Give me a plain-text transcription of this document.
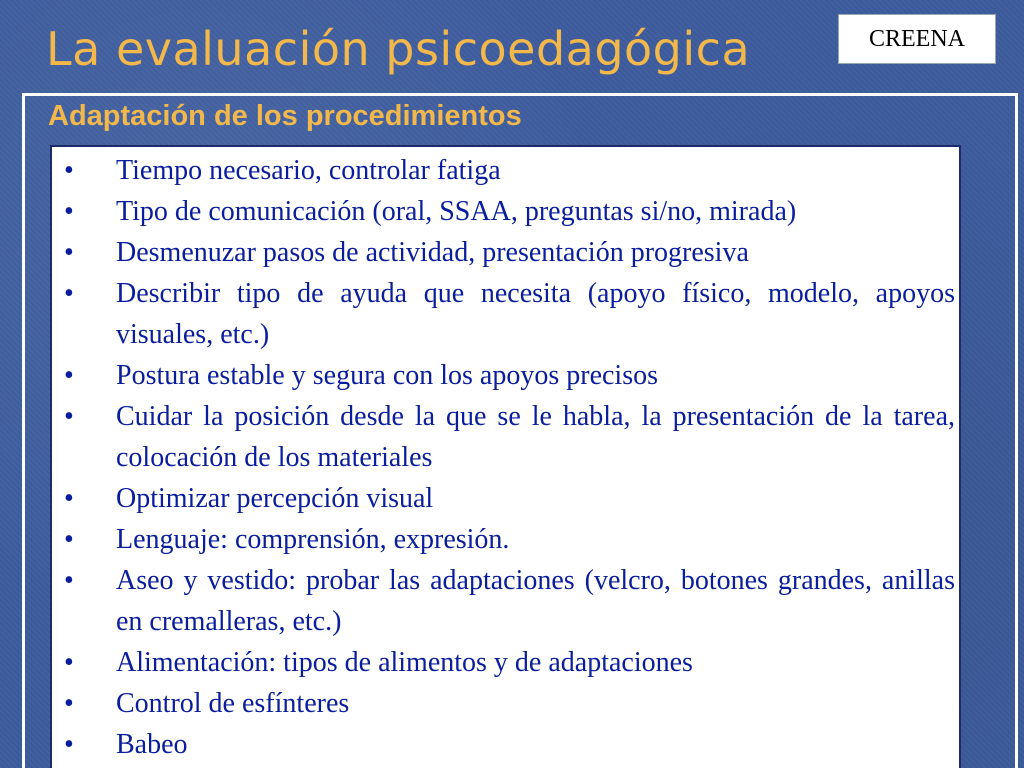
La evaluación psicoedagógica	CREENA
Adaptación de los procedimientos
•	Tiempo necesario, controlar fatiga
•	Tipo de comunicación (oral, SSAA, preguntas si/no, mirada)
•	Desmenuzar pasos de actividad, presentación progresiva
•	Describir tipo de ayuda que necesita (apoyo físico, modelo, apoyos visuales, etc.)
•	Postura estable y segura con los apoyos precisos
•	Cuidar la posición desde la que se le habla, la presentación de la tarea, colocación de los materiales
•	Optimizar percepción visual
•	Lenguaje: comprensión, expresión.
•	Aseo y vestido: probar las adaptaciones (velcro, botones grandes, anillas en cremalleras, etc.)
•	Alimentación: tipos de alimentos y de adaptaciones
•	Control de esfínteres
•	Babeo
